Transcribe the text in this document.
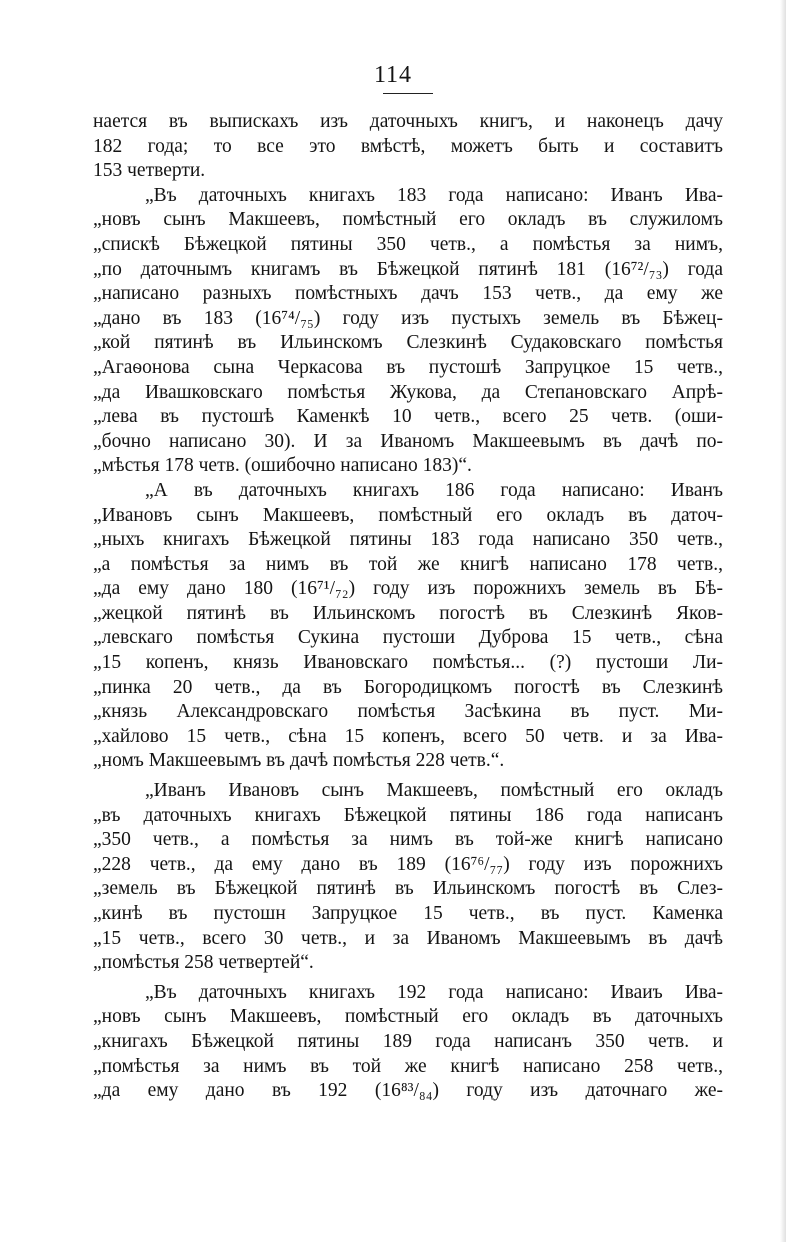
114
нается въ выпискахъ изъ даточныхъ книгъ, и наконецъ дачу
182 года; то все это вмѣстѣ, можетъ быть и составитъ
153 четверти.
„Въ даточныхъ книгахъ 183 года написано: Иванъ Ива-
„новъ сынъ Макшеевъ, помѣстный его окладъ въ служиломъ
„спискѣ Бѣжецкой пятины 350 четв., а помѣстья за нимъ,
„по даточнымъ книгамъ въ Бѣжецкой пятинѣ 181 (16⁷²/₇₃) года
„написано разныхъ помѣстныхъ дачъ 153 четв., да ему же
„дано въ 183 (16⁷⁴/₇₅) году изъ пустыхъ земель въ Бѣжец-
„кой пятинѣ въ Ильинскомъ Слезкинѣ Судаковскаго помѣстья
„Агаѳонова сына Черкасова въ пустошѣ Запруцкое 15 четв.,
„да Ивашковскаго помѣстья Жукова, да Степановскаго Апрѣ-
„лева въ пустошѣ Каменкѣ 10 четв., всего 25 четв. (оши-
„бочно написано 30). И за Иваномъ Макшеевымъ въ дачѣ по-
„мѣстья 178 четв. (ошибочно написано 183)“.
„А въ даточныхъ книгахъ 186 года написано: Иванъ
„Ивановъ сынъ Макшеевъ, помѣстный его окладъ въ даточ-
„ныхъ книгахъ Бѣжецкой пятины 183 года написано 350 четв.,
„а помѣстья за нимъ въ той же книгѣ написано 178 четв.,
„да ему дано 180 (16⁷¹/₇₂) году изъ порожнихъ земель въ Бѣ-
„жецкой пятинѣ въ Ильинскомъ погостѣ въ Слезкинѣ Яков-
„левскаго помѣстья Сукина пустоши Дуброва 15 четв., сѣна
„15 копенъ, князь Ивановскаго помѣстья... (?) пустоши Ли-
„пинка 20 четв., да въ Богородицкомъ погостѣ въ Слезкинѣ
„князь Александровскаго помѣстья Засѣкина въ пуст. Ми-
„хайлово 15 четв., сѣна 15 копенъ, всего 50 четв. и за Ива-
„номъ Макшеевымъ въ дачѣ помѣстья 228 четв.“.
„Иванъ Ивановъ сынъ Макшеевъ, помѣстный его окладъ
„въ даточныхъ книгахъ Бѣжецкой пятины 186 года написанъ
„350 четв., а помѣстья за нимъ въ той-же книгѣ написано
„228 четв., да ему дано въ 189 (16⁷⁶/₇₇) году изъ порожнихъ
„земель въ Бѣжецкой пятинѣ въ Ильинскомъ погостѣ въ Слез-
„кинѣ въ пустошн Запруцкое 15 четв., въ пуст. Каменка
„15 четв., всего 30 четв., и за Иваномъ Макшеевымъ въ дачѣ
„помѣстья 258 четвертей“.
„Въ даточныхъ книгахъ 192 года написано: Иваиъ Ива-
„новъ сынъ Макшеевъ, помѣстный его окладъ въ даточныхъ
„книгахъ Бѣжецкой пятины 189 года написанъ 350 четв. и
„помѣстья за нимъ въ той же книгѣ написано 258 четв.,
„да ему дано въ 192 (16⁸³/₈₄) году изъ даточнаго же-
